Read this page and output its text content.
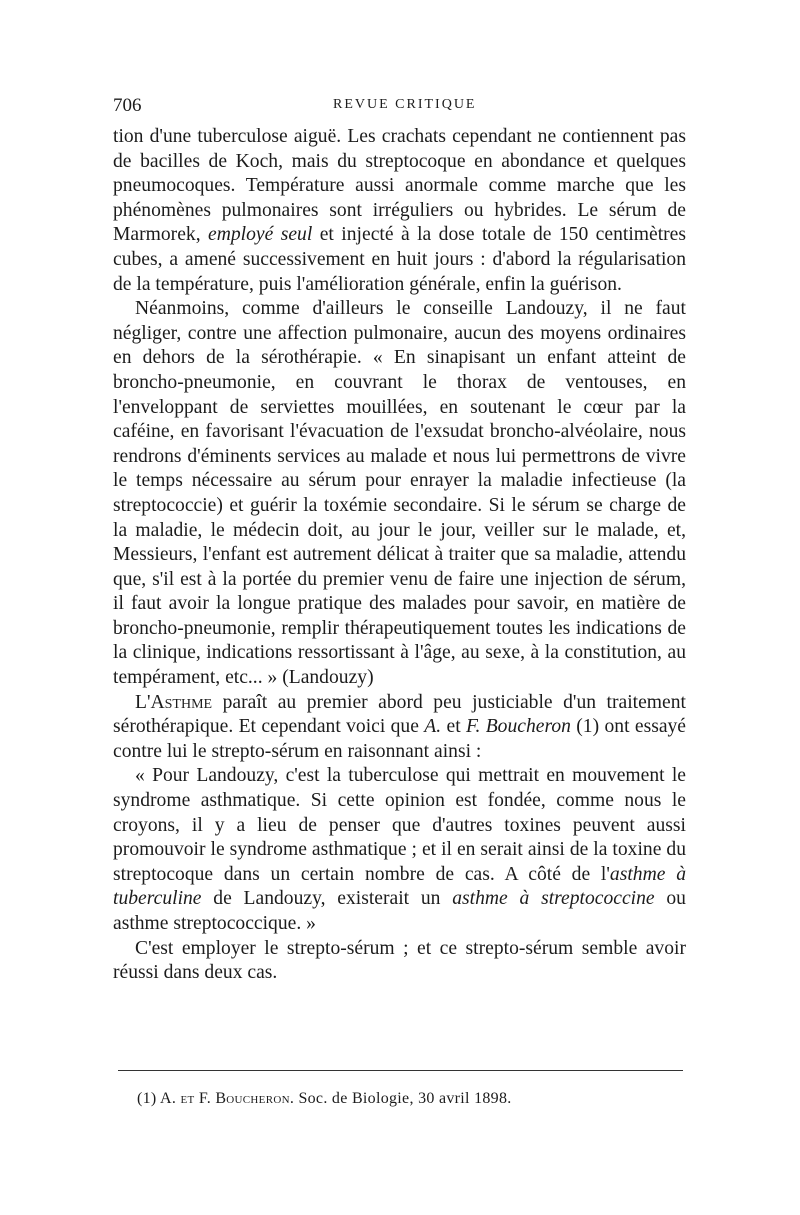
706	REVUE CRITIQUE

tion d'une tuberculose aiguë. Les crachats cependant ne contiennent pas de bacilles de Koch, mais du streptocoque en abondance et quelques pneumocoques. Température aussi anormale comme marche que les phénomènes pulmonaires sont irréguliers ou hybrides. Le sérum de Marmorek, employé seul et injecté à la dose totale de 150 centimètres cubes, a amené successivement en huit jours : d'abord la régularisation de la température, puis l'amélioration générale, enfin la guérison.

Néanmoins, comme d'ailleurs le conseille Landouzy, il ne faut négliger, contre une affection pulmonaire, aucun des moyens ordinaires en dehors de la sérothérapie. « En sinapisant un enfant atteint de broncho-pneumonie, en couvrant le thorax de ventouses, en l'enveloppant de serviettes mouillées, en soutenant le cœur par la caféine, en favorisant l'évacuation de l'exsudat broncho-alvéolaire, nous rendrons d'éminents services au malade et nous lui permettrons de vivre le temps nécessaire au sérum pour enrayer la maladie infectieuse (la streptococcie) et guérir la toxémie secondaire. Si le sérum se charge de la maladie, le médecin doit, au jour le jour, veiller sur le malade, et, Messieurs, l'enfant est autrement délicat à traiter que sa maladie, attendu que, s'il est à la portée du premier venu de faire une injection de sérum, il faut avoir la longue pratique des malades pour savoir, en matière de broncho-pneumonie, remplir thérapeutiquement toutes les indications de la clinique, indications ressortissant à l'âge, au sexe, à la constitution, au tempérament, etc... » (Landouzy)

L'Asthme paraît au premier abord peu justiciable d'un traitement sérothérapique. Et cependant voici que A. et F. Boucheron (1) ont essayé contre lui le strepto-sérum en raisonnant ainsi :

« Pour Landouzy, c'est la tuberculose qui mettrait en mouvement le syndrome asthmatique. Si cette opinion est fondée, comme nous le croyons, il y a lieu de penser que d'autres toxines peuvent aussi promouvoir le syndrome asthmatique ; et il en serait ainsi de la toxine du streptocoque dans un certain nombre de cas. A côté de l'asthme à tuberculine de Landouzy, existerait un asthme à streptococcine ou asthme streptococcique. »

C'est employer le strepto-sérum ; et ce strepto-sérum semble avoir réussi dans deux cas.

(1) A. et F. Boucheron. Soc. de Biologie, 30 avril 1898.
